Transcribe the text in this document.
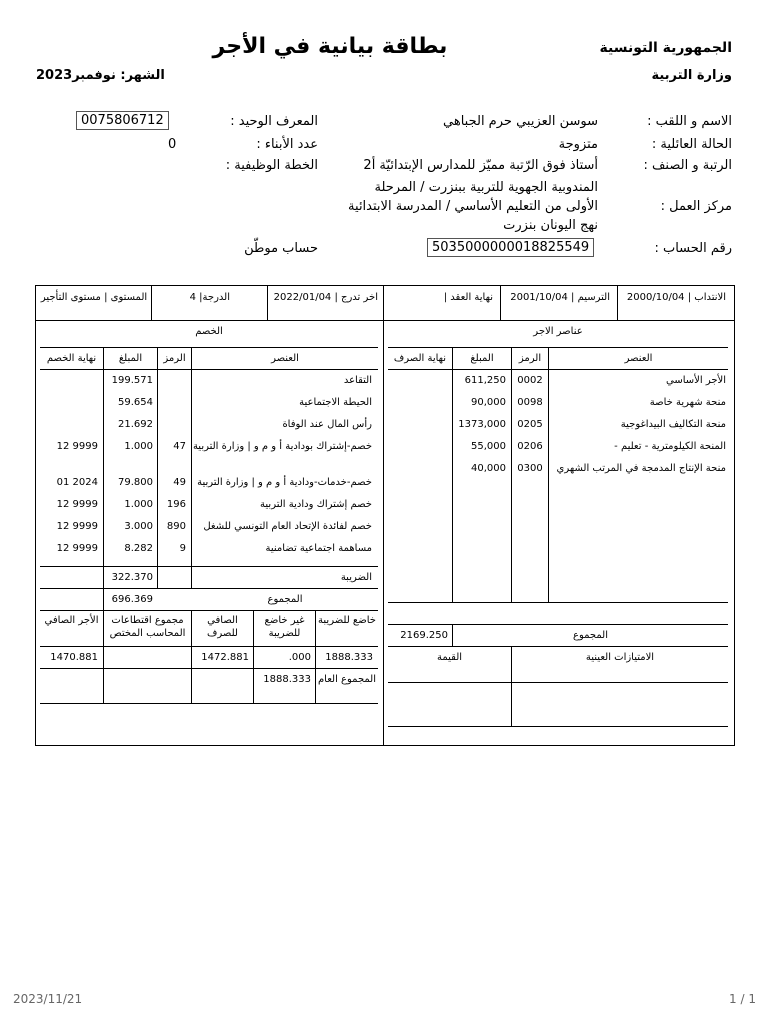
الجمهورية التونسية
بطاقة بيانية في الأجر
وزارة التربية
الشهر: نوفمبر2023
الاسم و اللقب :
سوسن العزيبي حرم الجباهي
المعرف الوحيد :
0075806712
الحالة العائلية :
متزوجة
عدد الأبناء :
0
الرتبة و الصنف :
أستاذ فوق الرّتبة مميّز للمدارس الإبتدائيّة أ2
الخطة الوظيفية :
المندوبية الجهوية للتربية ببنزرت / المرحلة
مركز العمل :
الأولى من التعليم الأساسي / المدرسة الابتدائية
نهج اليونان بنزرت
رقم الحساب :
5035000000018825549
حساب موطّن
الانتداب | 2000/10/04
الترسيم | 2001/10/04
نهاية العقد |
اخر تدرج | 2022/01/04
الدرجة| 4
المستوى | مستوى التأجير
عناصر الاجر
العنصر
الرمز
المبلغ
نهاية الصرف
الأجر الأساسي
0002
611,250
منحة شهرية خاصة
0098
90,000
منحة التكاليف البيداغوجية
0205
1373,000
المنحة الكيلومترية - تعليم -
0206
55,000
منحة الإنتاج المدمجة في المرتب الشهري
0300
40,000
المجموع
2169.250
الامتيازات العينية
القيمة
الخصم
العنصر
الرمز
المبلغ
نهاية الخصم
التقاعد
199.571
الحيطة الاجتماعية
59.654
رأس المال عند الوفاة
21.692
خصم-إشتراك بودادية أ و م و | وزارة التربية
47
1.000
12 9999
خصم-خدمات-ودادية أ و م و | وزارة التربية
49
79.800
01 2024
خصم إشتراك ودادية التربية
196
1.000
12 9999
خصم لفائدة الإتحاد العام التونسي للشغل
890
3.000
12 9999
مساهمة اجتماعية تضامنية
9
8.282
12 9999
الضريبة
322.370
المجموع
696.369
خاضع للضريبة
غير خاضع للضريبة
الصافي للصرف
مجموع اقتطاعات المحاسب المختص
الأجر الصافي
1888.333
.000
1472.881
1470.881
المجموع العام
1888.333
2023/11/21	1 / 1
